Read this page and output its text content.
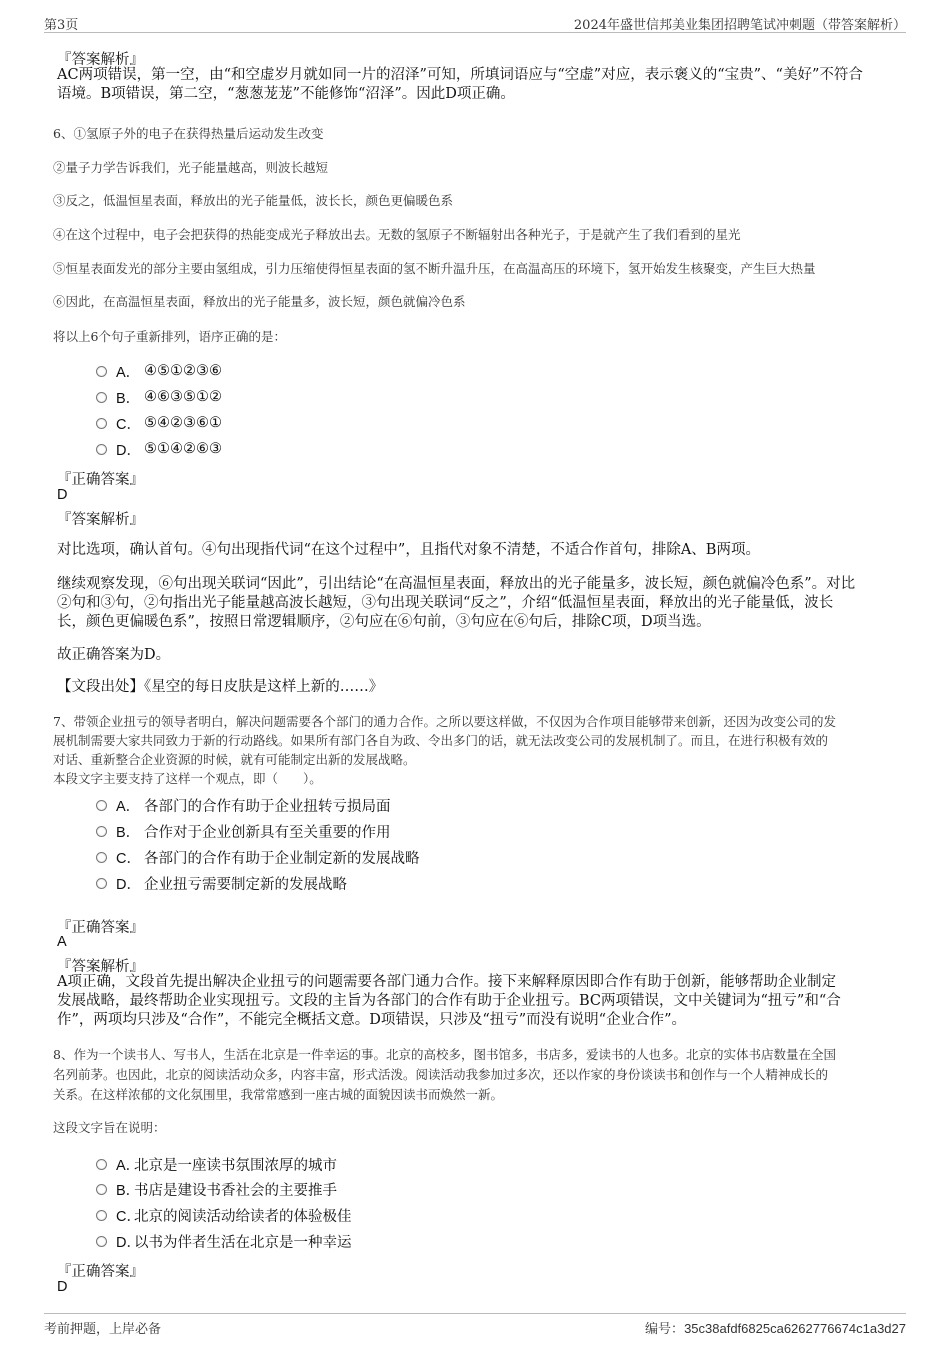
第3页	2024年盛世信邦美业集团招聘笔试冲刺题（带答案解析）
『答案解析』
AC两项错误，第一空，由“和空虚岁月就如同一片的沼泽”可知，所填词语应与“空虚”对应，表示褒义的“宝贵”、“美好”不符合
语境。B项错误，第二空，“葱葱茏茏”不能修饰“沼泽”。因此D项正确。
6、①氢原子外的电子在获得热量后运动发生改变
②量子力学告诉我们，光子能量越高，则波长越短
③反之，低温恒星表面，释放出的光子能量低，波长长，颜色更偏暖色系
④在这个过程中，电子会把获得的热能变成光子释放出去。无数的氢原子不断辐射出各种光子，于是就产生了我们看到的星光
⑤恒星表面发光的部分主要由氢组成，引力压缩使得恒星表面的氢不断升温升压，在高温高压的环境下，氢开始发生核聚变，产生巨大热量
⑥因此，在高温恒星表面，释放出的光子能量多，波长短，颜色就偏冷色系
将以上6个句子重新排列，语序正确的是：
A． ④⑤①②③⑥
B． ④⑥③⑤①②
C． ⑤④②③⑥①
D． ⑤①④②⑥③
『正确答案』
D
『答案解析』
对比选项，确认首句。④句出现指代词“在这个过程中”，且指代对象不清楚，不适合作首句，排除A、B两项。
继续观察发现，⑥句出现关联词“因此”，引出结论“在高温恒星表面，释放出的光子能量多，波长短，颜色就偏冷色系”。对比
②句和③句，②句指出光子能量越高波长越短，③句出现关联词“反之”，介绍“低温恒星表面，释放出的光子能量低，波长
长，颜色更偏暖色系”，按照日常逻辑顺序，②句应在⑥句前，③句应在⑥句后，排除C项，D项当选。
故正确答案为D。
【文段出处】《星空的每日皮肤是这样上新的……》
7、带领企业扭亏的领导者明白，解决问题需要各个部门的通力合作。之所以要这样做，不仅因为合作项目能够带来创新，还因为改变公司的发
展机制需要大家共同致力于新的行动路线。如果所有部门各自为政、令出多门的话，就无法改变公司的发展机制了。而且，在进行积极有效的
对话、重新整合企业资源的时候，就有可能制定出新的发展战略。
本段文字主要支持了这样一个观点，即（　　）。
A． 各部门的合作有助于企业扭转亏损局面
B． 合作对于企业创新具有至关重要的作用
C． 各部门的合作有助于企业制定新的发展战略
D． 企业扭亏需要制定新的发展战略
『正确答案』
A
『答案解析』
A项正确，文段首先提出解决企业扭亏的问题需要各部门通力合作。接下来解释原因即合作有助于创新，能够帮助企业制定
发展战略，最终帮助企业实现扭亏。文段的主旨为各部门的合作有助于企业扭亏。BC两项错误，文中关键词为“扭亏”和“合
作”，两项均只涉及“合作”，不能完全概括文意。D项错误，只涉及“扭亏”而没有说明“企业合作”。
8、作为一个读书人、写书人，生活在北京是一件幸运的事。北京的高校多，图书馆多，书店多，爱读书的人也多。北京的实体书店数量在全国
名列前茅。也因此，北京的阅读活动众多，内容丰富，形式活泼。阅读活动我参加过多次，还以作家的身份谈读书和创作与一个人精神成长的
关系。在这样浓郁的文化氛围里，我常常感到一座古城的面貌因读书而焕然一新。
这段文字旨在说明：
A．
北京是一座读书氛围浓厚的城市
B．
书店是建设书香社会的主要推手
C．
北京的阅读活动给读者的体验极佳
D．
以书为伴者生活在北京是一种幸运
『正确答案』
D
考前押题，上岸必备	编号：35c38afdf6825ca6262776674c1a3d27
